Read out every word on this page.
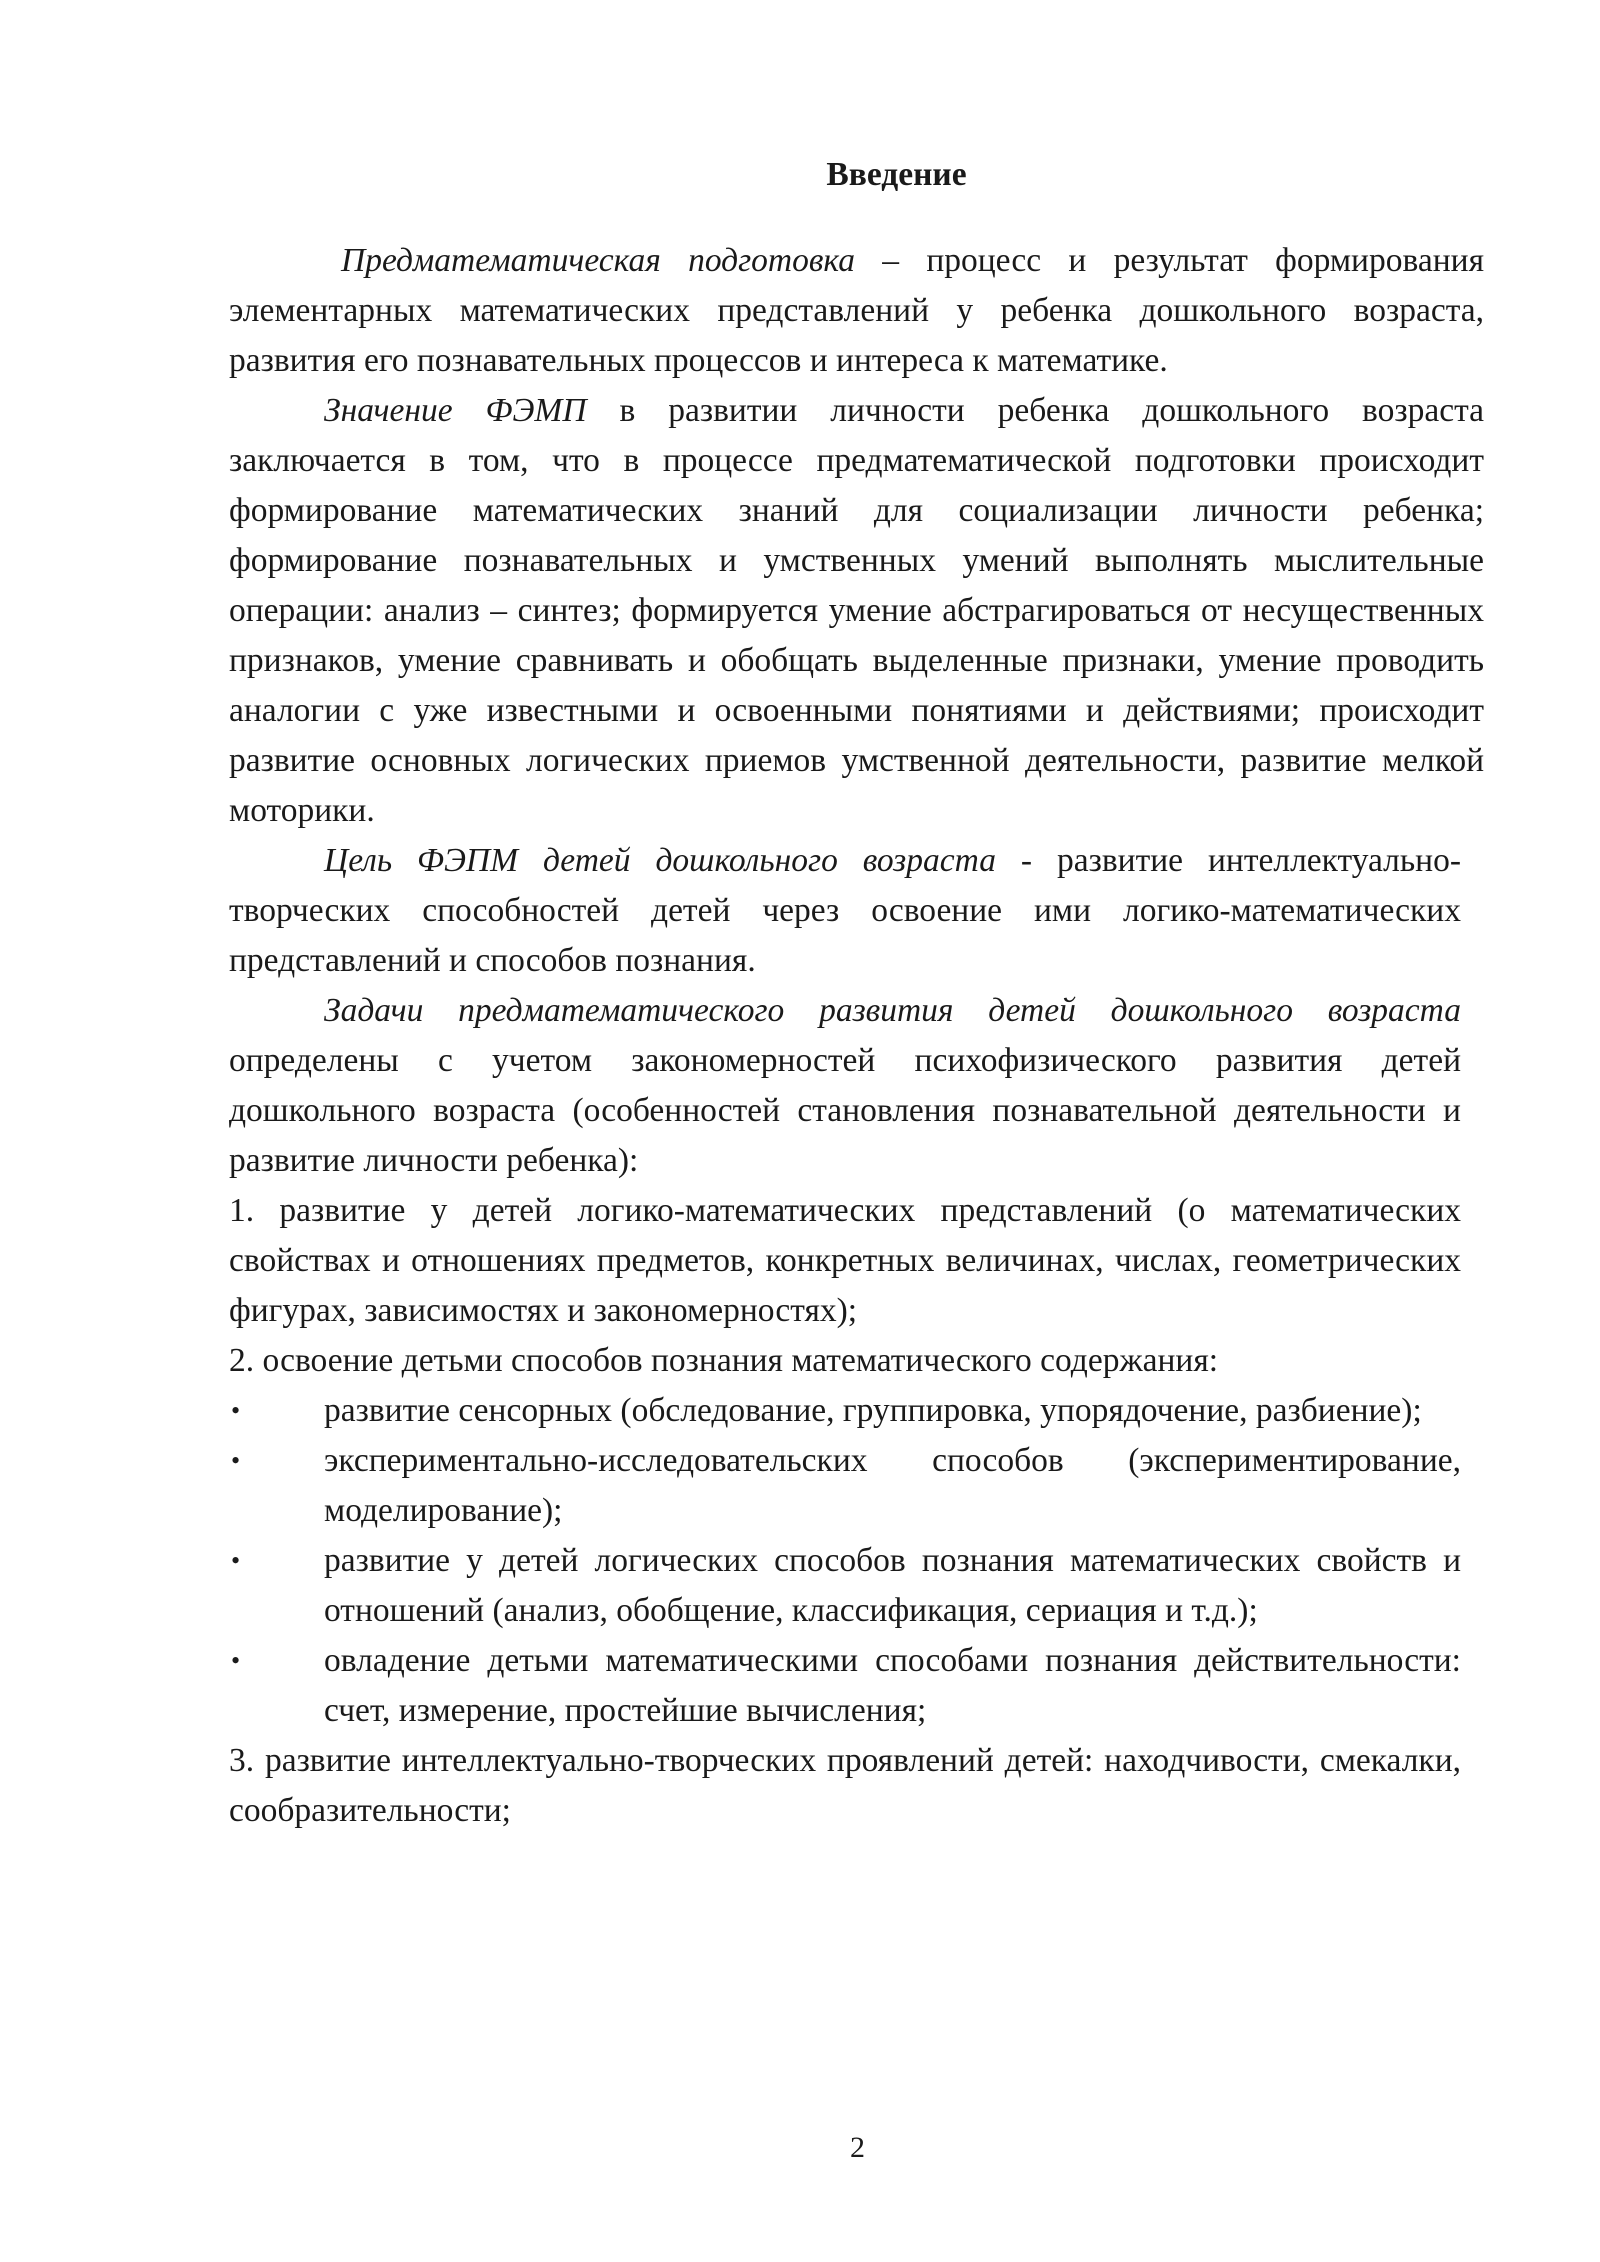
Введение

Предматематическая подготовка – процесс и результат формирования элементарных математических представлений у ребенка дошкольного возраста, развития его познавательных процессов и интереса к математике.

Значение ФЭМП в развитии личности ребенка дошкольного возраста заключается в том, что в процессе предматематической подготовки происходит формирование математических знаний для социализации личности ребенка; формирование познавательных и умственных умений выполнять мыслительные операции: анализ – синтез; формируется умение абстрагироваться от несущественных признаков, умение сравнивать и обобщать выделенные признаки, умение проводить аналогии с уже известными и освоенными понятиями и действиями; происходит развитие основных логических приемов умственной деятельности, развитие мелкой моторики.

Цель ФЭПМ детей дошкольного возраста - развитие интеллектуально-творческих способностей детей через освоение ими логико-математических представлений и способов познания.

Задачи предматематического развития детей дошкольного возраста определены с учетом закономерностей психофизического развития детей дошкольного возраста (особенностей становления познавательной деятельности и развитие личности ребенка):

1. развитие у детей логико-математических представлений (о математических свойствах и отношениях предметов, конкретных величинах, числах, геометрических фигурах, зависимостях и закономерностях);

2. освоение детьми способов познания математического содержания:

•	развитие сенсорных (обследование, группировка, упорядочение, разбиение);
•	экспериментально-исследовательских способов (экспериментирование, моделирование);
•	развитие у детей логических способов познания математических свойств и отношений (анализ, обобщение, классификация, сериация и т.д.);
•	овладение детьми математическими способами познания действительности: счет, измерение, простейшие вычисления;

3. развитие интеллектуально-творческих проявлений детей: находчивости, смекалки, сообразительности;

2
